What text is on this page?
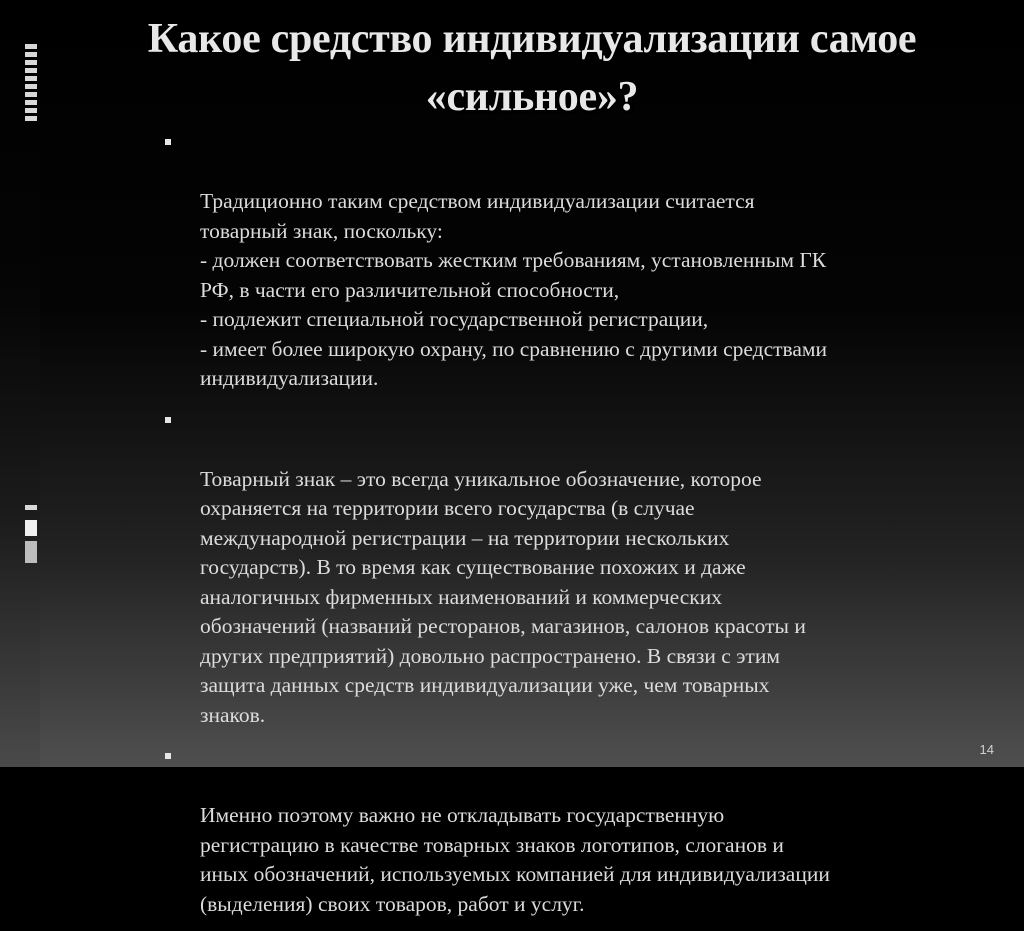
Какое средство индивидуализации самое
«сильное»?

Традиционно таким средством индивидуализации считается
товарный знак, поскольку:
- должен соответствовать жестким требованиям, установленным ГК
РФ, в части его различительной способности,
- подлежит специальной государственной регистрации,
- имеет более широкую охрану, по сравнению с другими средствами
индивидуализации.

Товарный знак – это всегда уникальное обозначение, которое
охраняется на территории всего государства (в случае
международной регистрации – на территории нескольких
государств). В то время как существование похожих и даже
аналогичных фирменных наименований и коммерческих
обозначений (названий ресторанов, магазинов, салонов красоты и
других предприятий) довольно распространено. В связи с этим
защита данных средств индивидуализации уже, чем товарных
знаков.

Именно поэтому важно не откладывать государственную
регистрацию в качестве товарных знаков логотипов, слоганов и
иных обозначений, используемых компанией для индивидуализации
(выделения) своих товаров, работ и услуг.

14
